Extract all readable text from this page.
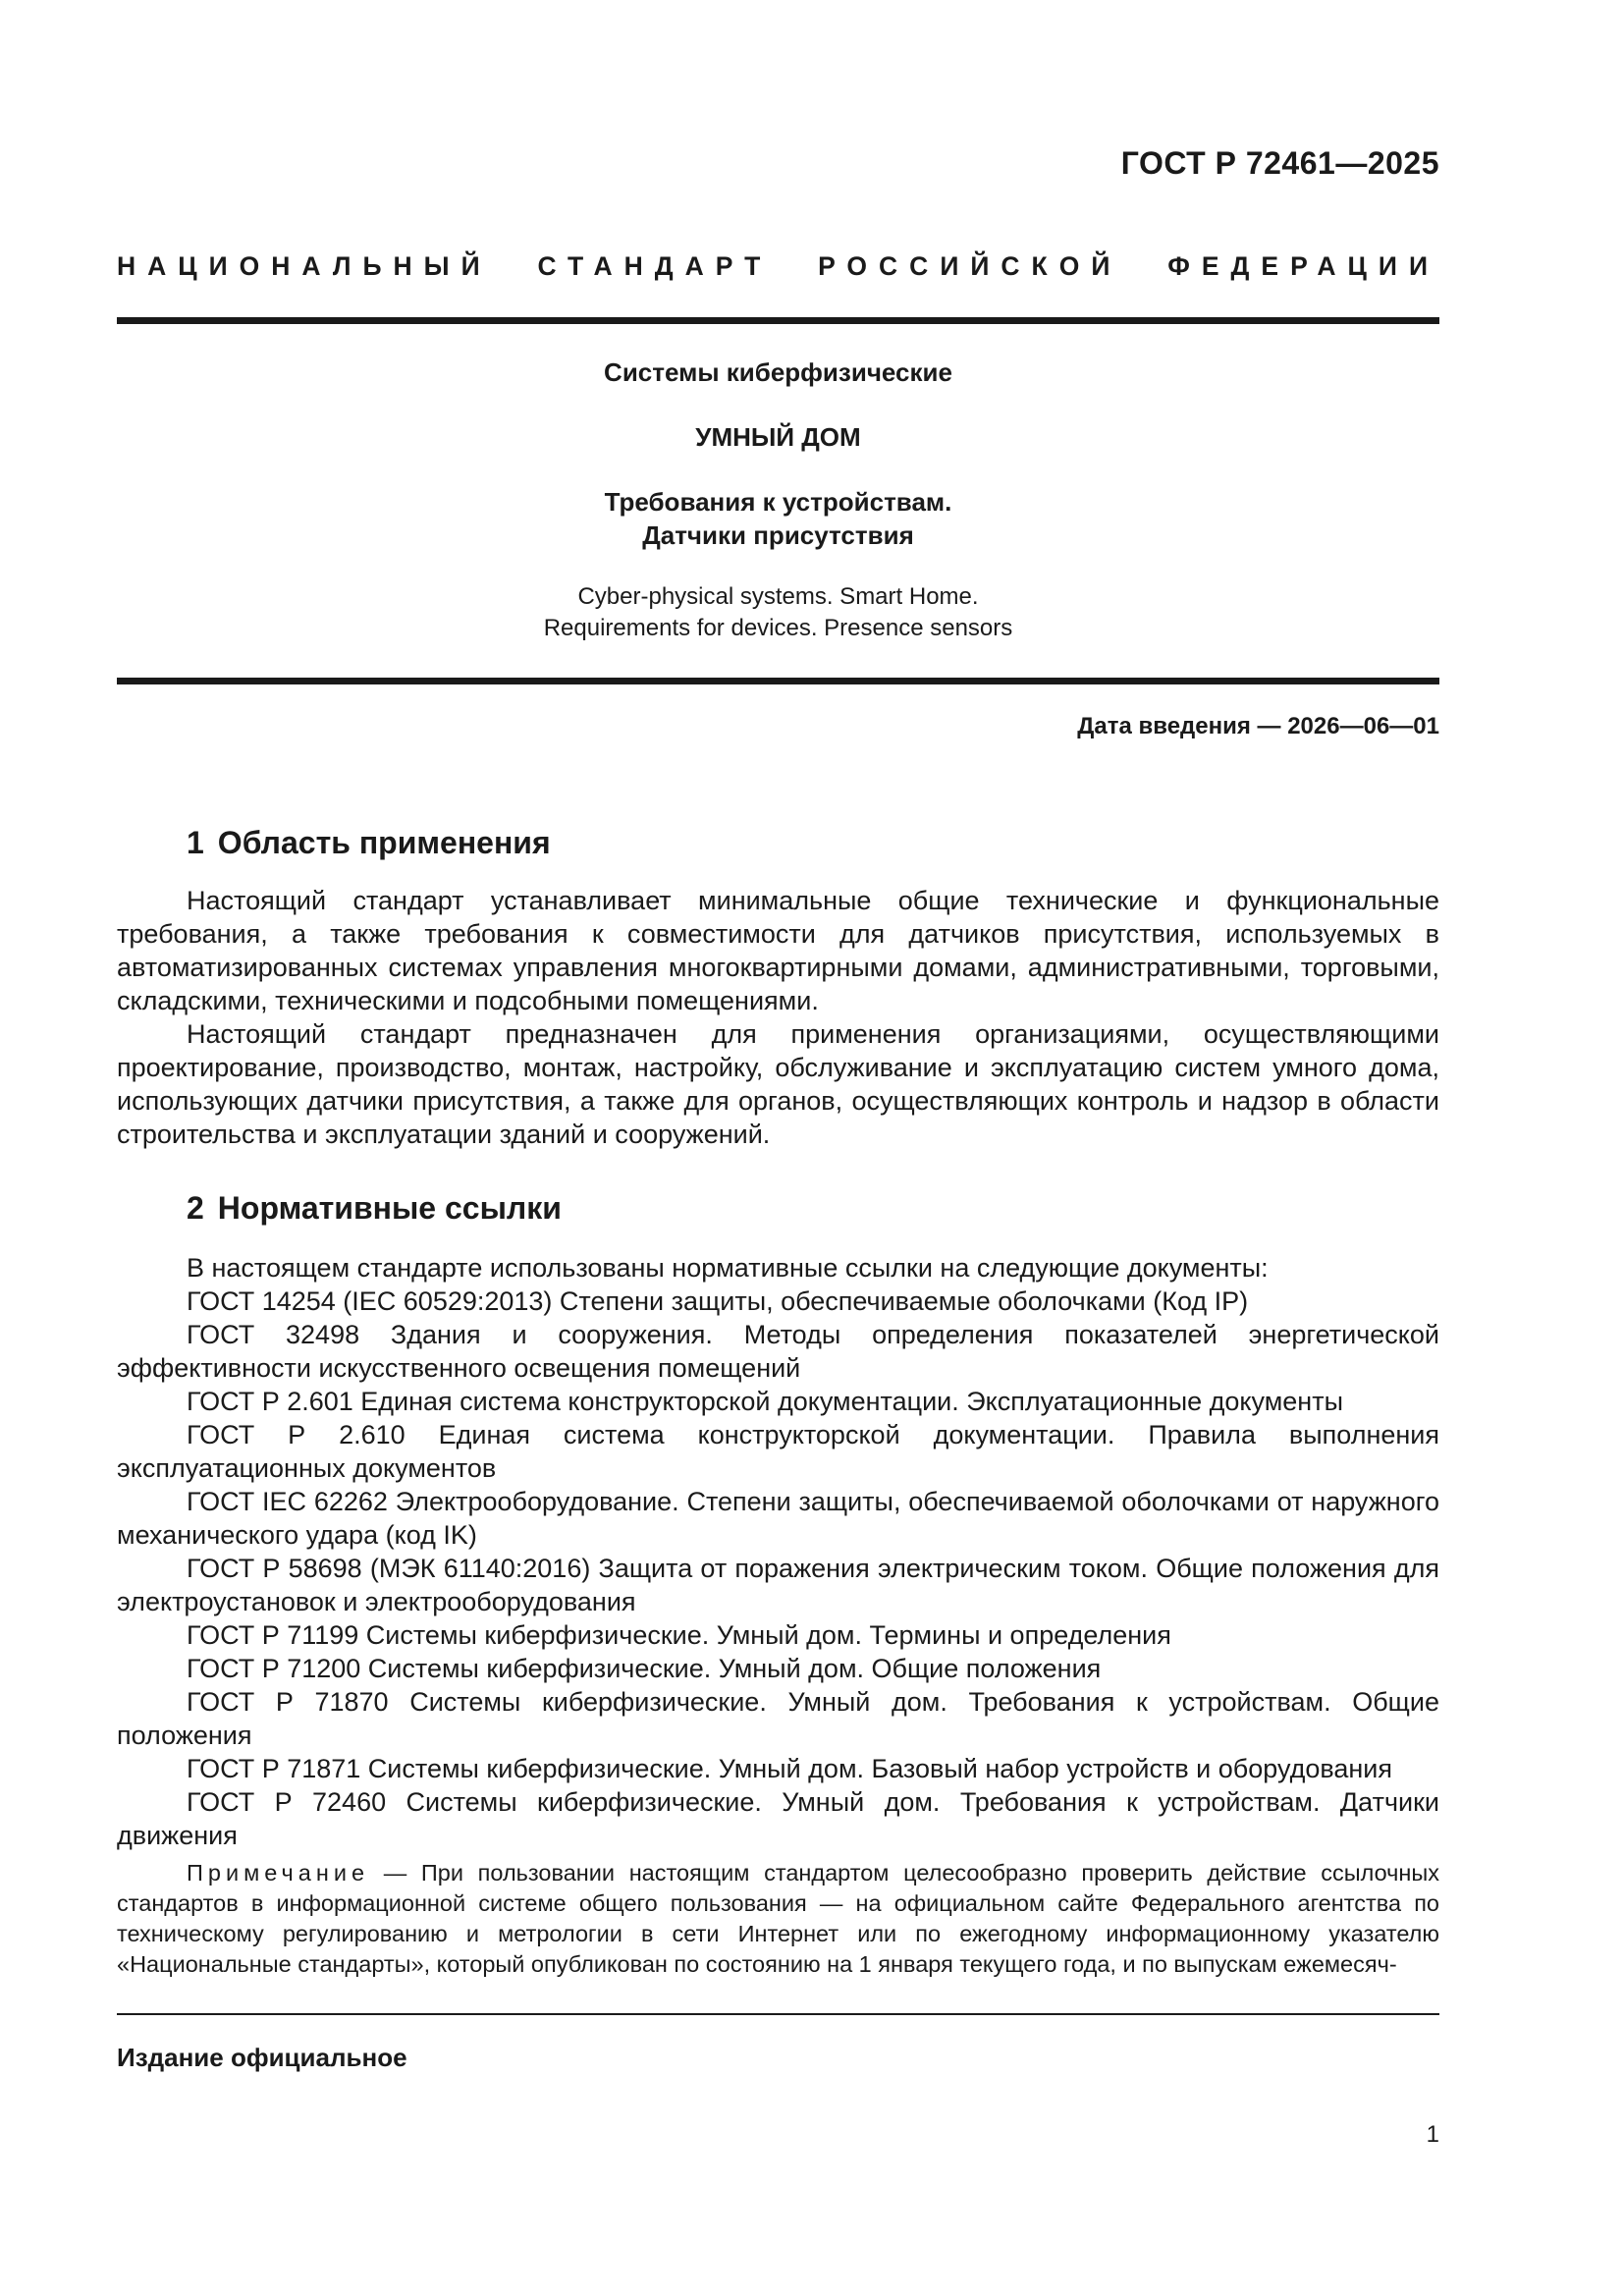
ГОСТ Р 72461—2025
НАЦИОНАЛЬНЫЙ СТАНДАРТ РОССИЙСКОЙ ФЕДЕРАЦИИ
Системы киберфизические
УМНЫЙ ДОМ
Требования к устройствам.
Датчики присутствия
Cyber-physical systems. Smart Home.
Requirements for devices. Presence sensors
Дата введения — 2026—06—01
1 Область применения

Настоящий стандарт устанавливает минимальные общие технические и функциональные требования, а также требования к совместимости для датчиков присутствия, используемых в автоматизированных системах управления многоквартирными домами, административными, торговыми, складскими, техническими и подсобными помещениями.

Настоящий стандарт предназначен для применения организациями, осуществляющими проектирование, производство, монтаж, настройку, обслуживание и эксплуатацию систем умного дома, использующих датчики присутствия, а также для органов, осуществляющих контроль и надзор в области строительства и эксплуатации зданий и сооружений.

2 Нормативные ссылки

В настоящем стандарте использованы нормативные ссылки на следующие документы:

ГОСТ 14254 (IEC 60529:2013) Степени защиты, обеспечиваемые оболочками (Код IP)

ГОСТ 32498 Здания и сооружения. Методы определения показателей энергетической эффективности искусственного освещения помещений

ГОСТ Р 2.601 Единая система конструкторской документации. Эксплуатационные документы

ГОСТ Р 2.610 Единая система конструкторской документации. Правила выполнения эксплуатационных документов

ГОСТ IEC 62262 Электрооборудование. Степени защиты, обеспечиваемой оболочками от наружного механического удара (код IK)

ГОСТ Р 58698 (МЭК 61140:2016) Защита от поражения электрическим током. Общие положения для электроустановок и электрооборудования

ГОСТ Р 71199 Системы киберфизические. Умный дом. Термины и определения

ГОСТ Р 71200 Системы киберфизические. Умный дом. Общие положения

ГОСТ Р 71870 Системы киберфизические. Умный дом. Требования к устройствам. Общие положения

ГОСТ Р 71871 Системы киберфизические. Умный дом. Базовый набор устройств и оборудования

ГОСТ Р 72460 Системы киберфизические. Умный дом. Требования к устройствам. Датчики движения

Примечание — При пользовании настоящим стандартом целесообразно проверить действие ссылочных стандартов в информационной системе общего пользования — на официальном сайте Федерального агентства по техническому регулированию и метрологии в сети Интернет или по ежегодному информационному указателю «Национальные стандарты», который опубликован по состоянию на 1 января текущего года, и по выпускам ежемесяч-

Издание официальное
1
